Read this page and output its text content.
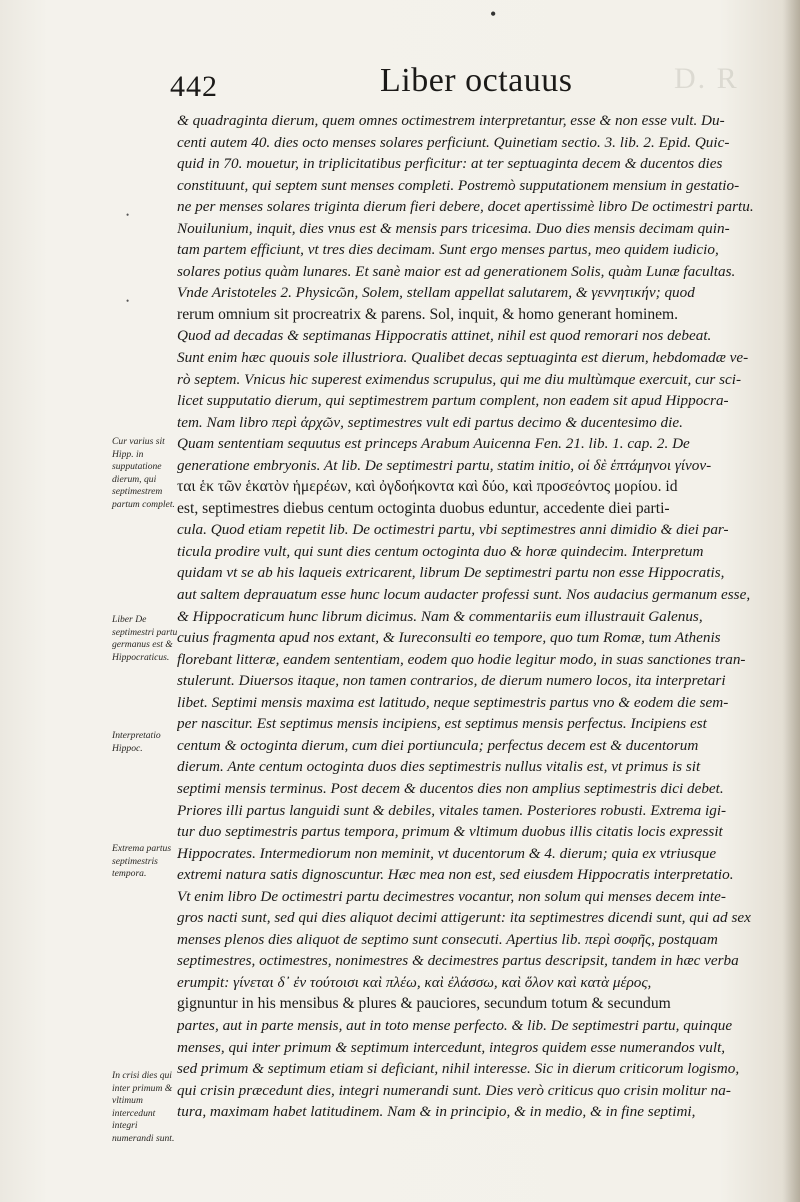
D. R
•
442	Liber octauus
•
•
Cur varius sit Hipp. in supputatione dierum, qui septimestrem partum complet.
Liber De septimestri partu germanus est & Hippocraticus.
Interpretatio Hippoc.
Extrema partus septimestris tempora.
In crisi dies qui inter primum & vltimum intercedunt integri numerandi sunt.
& quadraginta dierum, quem omnes octimestrem interpretantur, esse & non esse vult. Du-
centi autem 40. dies octo menses solares perficiunt. Quinetiam sectio. 3. lib. 2. Epid. Quic-
quid in 70. mouetur, in triplicitatibus perficitur: at ter septuaginta decem & ducentos dies
constituunt, qui septem sunt menses completi. Postremò supputationem mensium in gestatio-
ne per menses solares triginta dierum fieri debere, docet apertissimè libro De octimestri partu.
Nouilunium, inquit, dies vnus est & mensis pars tricesima. Duo dies mensis decimam quin-
tam partem efficiunt, vt tres dies decimam. Sunt ergo menses partus, meo quidem iudicio,
solares potius quàm lunares. Et sanè maior est ad generationem Solis, quàm Lunæ facultas.
Vnde Aristoteles 2. Physicῶn, Solem, stellam appellat salutarem, & γεννητικήν; quod
rerum omnium sit procreatrix & parens. Sol, inquit, & homo generant hominem.
Quod ad decadas & septimanas Hippocratis attinet, nihil est quod remorari nos debeat.
Sunt enim hæc quouis sole illustriora. Qualibet decas septuaginta est dierum, hebdomadæ ve-
rò septem. Vnicus hic superest eximendus scrupulus, qui me diu multùmque exercuit, cur sci-
licet supputatio dierum, qui septimestrem partum complent, non eadem sit apud Hippocra-
tem. Nam libro περὶ ἀρχῶν, septimestres vult edi partus decimo & ducentesimo die.
Quam sententiam sequutus est princeps Arabum Auicenna Fen. 21. lib. 1. cap. 2. De
generatione embryonis. At lib. De septimestri partu, statim initio, οἱ δὲ ἑπτάμηνοι γίνον-
ται ἑκ τῶν ἑκατὸν ἡμερέων, καὶ ὀγδοήκοντα καὶ δύο, καὶ προσεόντος μορίου. id
est, septimestres diebus centum octoginta duobus eduntur, accedente diei parti-
cula. Quod etiam repetit lib. De octimestri partu, vbi septimestres anni dimidio & diei par-
ticula prodire vult, qui sunt dies centum octoginta duo & horæ quindecim. Interpretum
quidam vt se ab his laqueis extricarent, librum De septimestri partu non esse Hippocratis,
aut saltem deprauatum esse hunc locum audacter professi sunt. Nos audacius germanum esse,
& Hippocraticum hunc librum dicimus. Nam & commentariis eum illustrauit Galenus,
cuius fragmenta apud nos extant, & Iureconsulti eo tempore, quo tum Romæ, tum Athenis
florebant litteræ, eandem sententiam, eodem quo hodie legitur modo, in suas sanctiones tran-
stulerunt. Diuersos itaque, non tamen contrarios, de dierum numero locos, ita interpretari
libet. Septimi mensis maxima est latitudo, neque septimestris partus vno & eodem die sem-
per nascitur. Est septimus mensis incipiens, est septimus mensis perfectus. Incipiens est
centum & octoginta dierum, cum diei portiuncula; perfectus decem est & ducentorum
dierum. Ante centum octoginta duos dies septimestris nullus vitalis est, vt primus is sit
septimi mensis terminus. Post decem & ducentos dies non amplius septimestris dici debet.
Priores illi partus languidi sunt & debiles, vitales tamen. Posteriores robusti. Extrema igi-
tur duo septimestris partus tempora, primum & vltimum duobus illis citatis locis expressit
Hippocrates. Intermediorum non meminit, vt ducentorum & 4. dierum; quia ex vtriusque
extremi natura satis dignoscuntur. Hæc mea non est, sed eiusdem Hippocratis interpretatio.
Vt enim libro De octimestri partu decimestres vocantur, non solum qui menses decem inte-
gros nacti sunt, sed qui dies aliquot decimi attigerunt: ita septimestres dicendi sunt, qui ad sex
menses plenos dies aliquot de septimo sunt consecuti. Apertius lib. περὶ σοφῆς, postquam
septimestres, octimestres, nonimestres & decimestres partus descripsit, tandem in hæc verba
erumpit: γίνεται δ᾽ ἐν τούτοισι καὶ πλέω, καὶ ἐλάσσω, καὶ ὅλον καὶ κατὰ μέρος,
gignuntur in his mensibus & plures & pauciores, secundum totum & secundum
partes, aut in parte mensis, aut in toto mense perfecto. & lib. De septimestri partu, quinque
menses, qui inter primum & septimum intercedunt, integros quidem esse numerandos vult,
sed primum & septimum etiam si deficiant, nihil interesse. Sic in dierum criticorum logismo,
qui crisin præcedunt dies, integri numerandi sunt. Dies verò criticus quo crisin molitur na-
tura, maximam habet latitudinem. Nam & in principio, & in medio, & in fine septimi,
